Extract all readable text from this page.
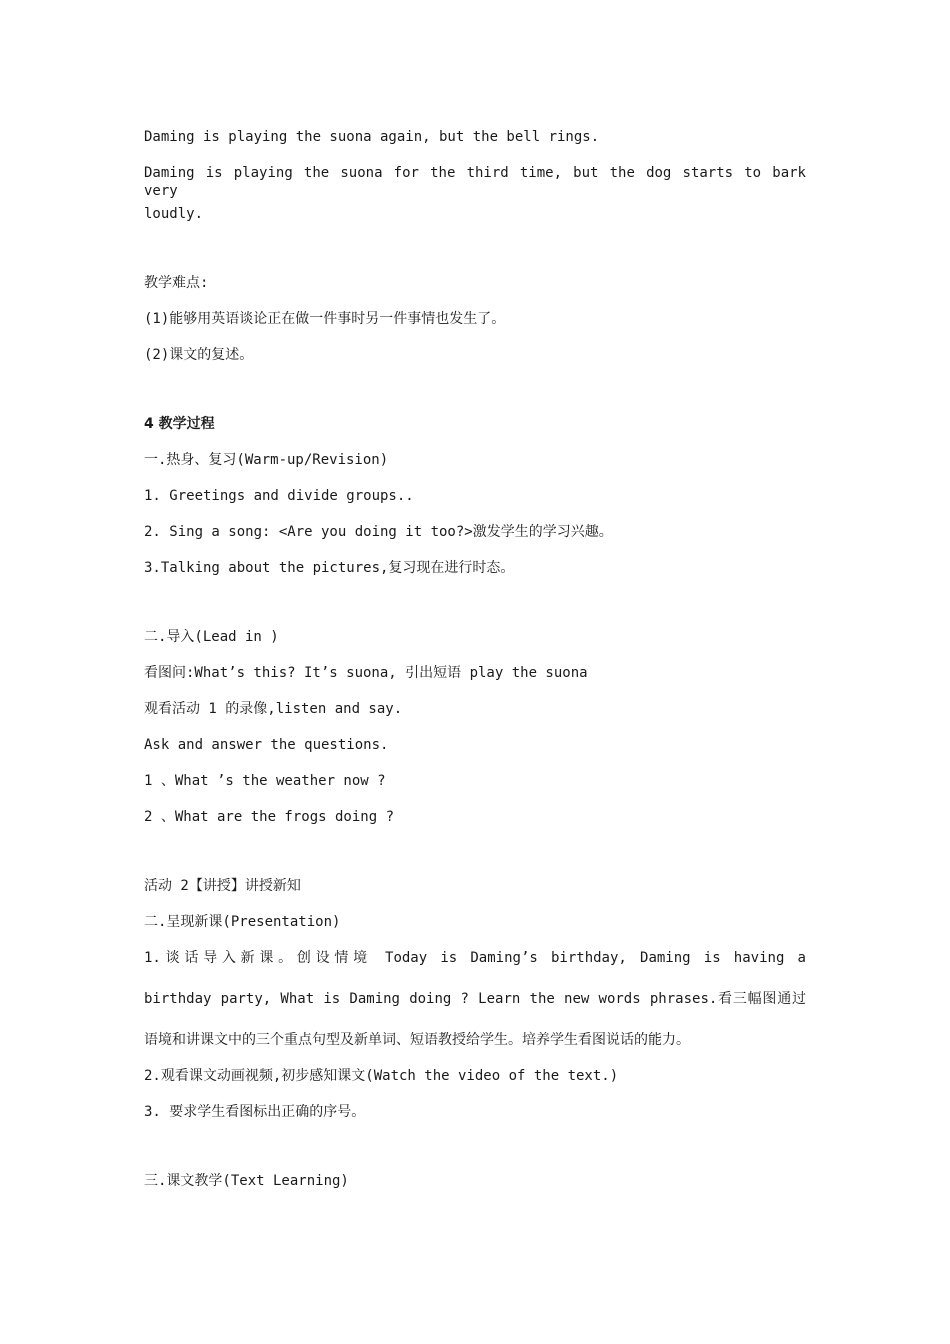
Daming is playing the suona again, but the bell rings.
Daming is playing the suona for the third time, but the dog starts to bark very
loudly.
教学难点:
(1)能够用英语谈论正在做一件事时另一件事情也发生了。
(2)课文的复述。
4 教学过程
一.热身、复习(Warm-up/Revision)
1. Greetings and divide groups..
2. Sing a song: <Are you doing it too?>激发学生的学习兴趣。
3.Talking about the pictures,复习现在进行时态。
二.导入(Lead in )
看图问:What’s this? It’s suona, 引出短语 play the suona
观看活动 1 的录像,listen and say.
Ask and answer the questions.
1 、What ’s the weather now ?
2 、What are the frogs doing ?
活动 2【讲授】讲授新知
二.呈现新课(Presentation)
1.谈话导入新课。创设情境 Today is Daming’s birthday, Daming is having a
birthday party, What is Daming doing ? Learn the new words phrases.看三幅图通过
语境和讲课文中的三个重点句型及新单词、短语教授给学生。培养学生看图说话的能力。
2.观看课文动画视频,初步感知课文(Watch the video of the text.)
3. 要求学生看图标出正确的序号。
三.课文教学(Text Learning)
